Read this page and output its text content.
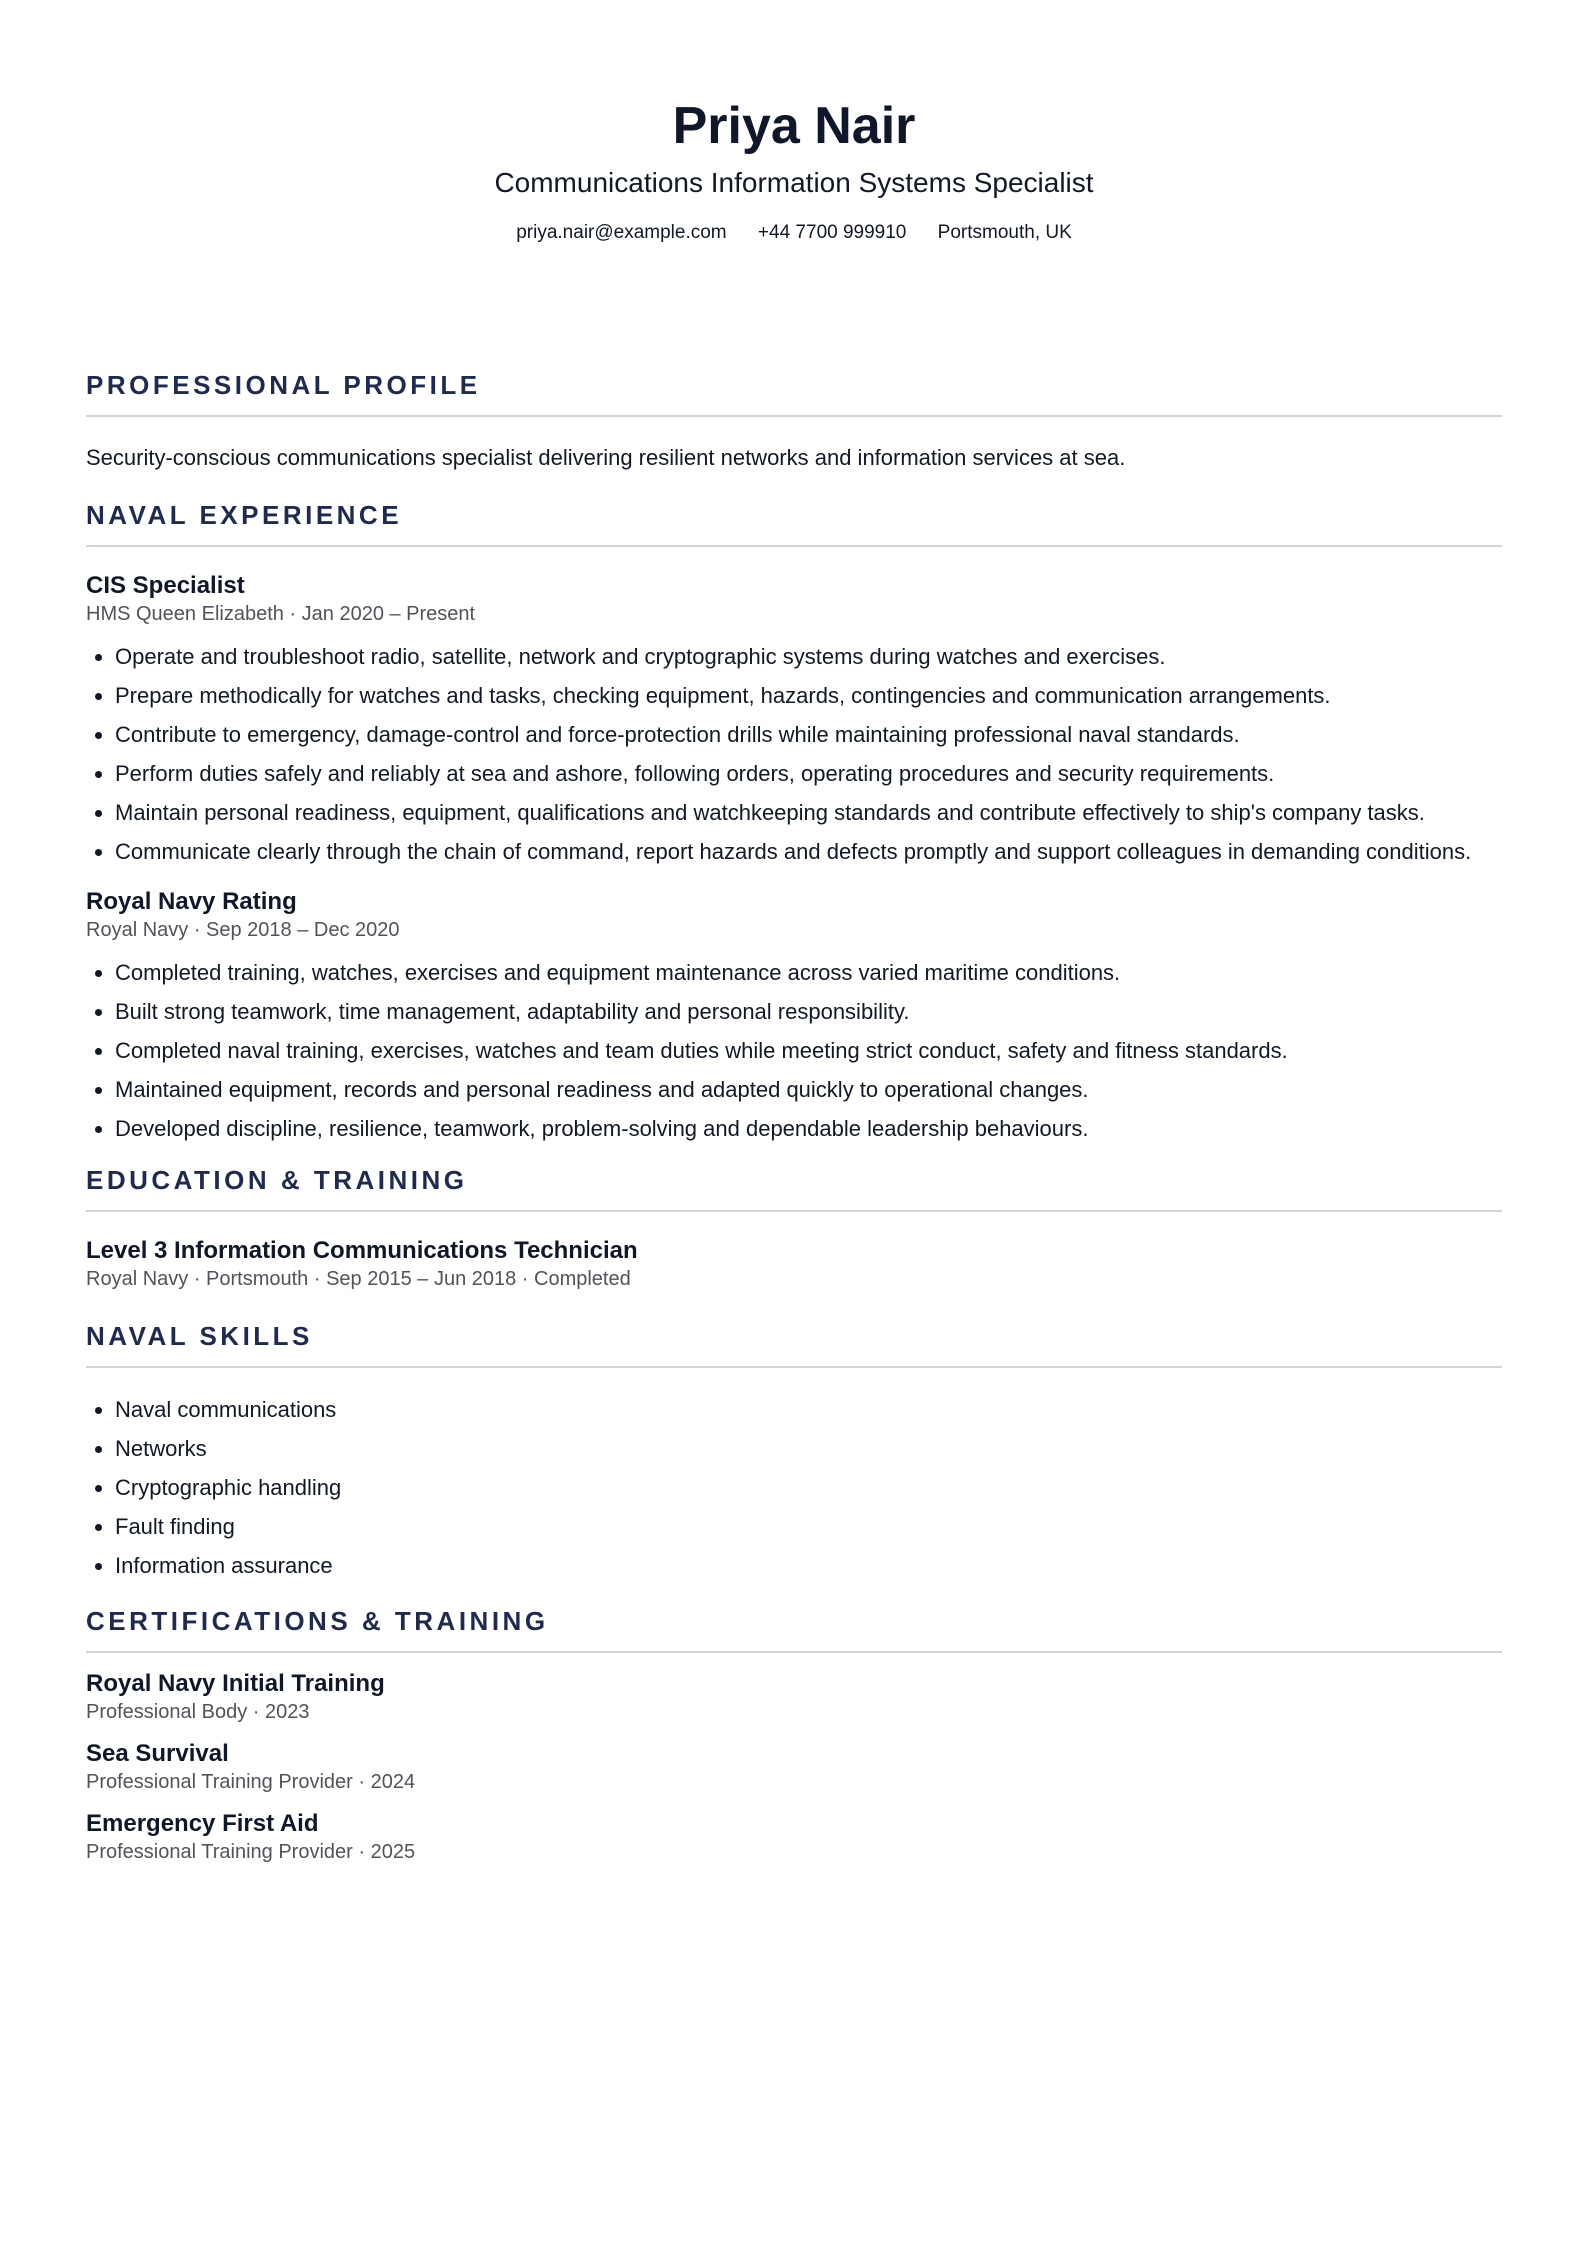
Priya Nair
Communications Information Systems Specialist
priya.nair@example.com +44 7700 999910 Portsmouth, UK
PROFESSIONAL PROFILE
Security-conscious communications specialist delivering resilient networks and information services at sea.
NAVAL EXPERIENCE
CIS Specialist
HMS Queen Elizabeth · Jan 2020 – Present
• Operate and troubleshoot radio, satellite, network and cryptographic systems during watches and exercises.
• Prepare methodically for watches and tasks, checking equipment, hazards, contingencies and communication arrangements.
• Contribute to emergency, damage-control and force-protection drills while maintaining professional naval standards.
• Perform duties safely and reliably at sea and ashore, following orders, operating procedures and security requirements.
• Maintain personal readiness, equipment, qualifications and watchkeeping standards and contribute effectively to ship's company tasks.
• Communicate clearly through the chain of command, report hazards and defects promptly and support colleagues in demanding conditions.
Royal Navy Rating
Royal Navy · Sep 2018 – Dec 2020
• Completed training, watches, exercises and equipment maintenance across varied maritime conditions.
• Built strong teamwork, time management, adaptability and personal responsibility.
• Completed naval training, exercises, watches and team duties while meeting strict conduct, safety and fitness standards.
• Maintained equipment, records and personal readiness and adapted quickly to operational changes.
• Developed discipline, resilience, teamwork, problem-solving and dependable leadership behaviours.
EDUCATION & TRAINING
Level 3 Information Communications Technician
Royal Navy · Portsmouth · Sep 2015 – Jun 2018 · Completed
NAVAL SKILLS
• Naval communications
• Networks
• Cryptographic handling
• Fault finding
• Information assurance
CERTIFICATIONS & TRAINING
Royal Navy Initial Training
Professional Body · 2023
Sea Survival
Professional Training Provider · 2024
Emergency First Aid
Professional Training Provider · 2025
